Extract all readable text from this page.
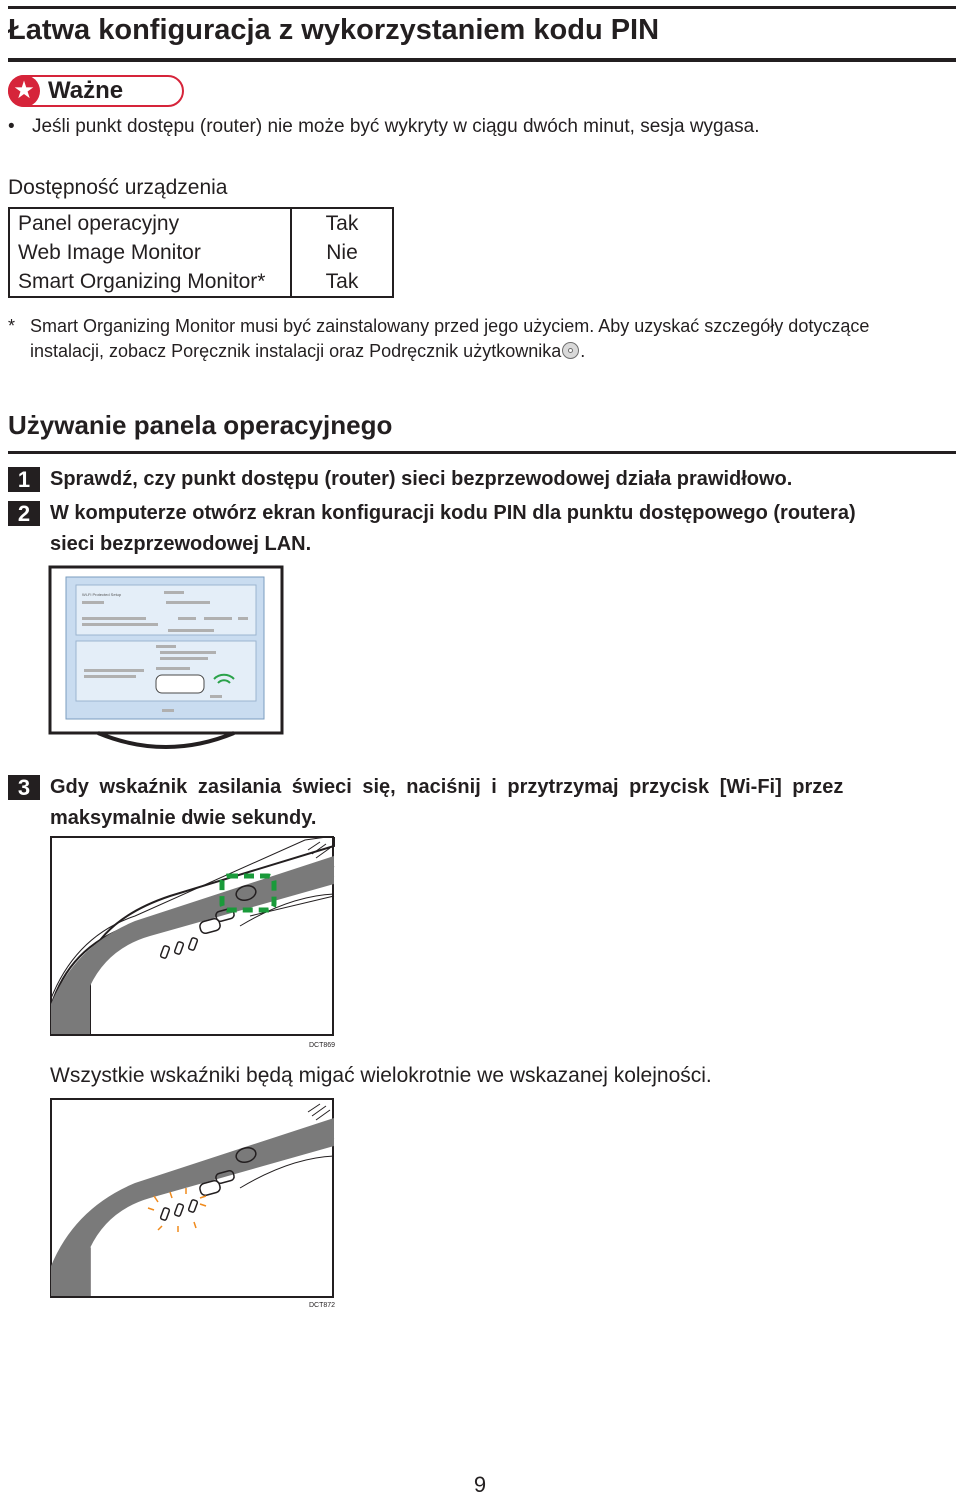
Łatwa konfiguracja z wykorzystaniem kodu PIN
★ Ważne
• Jeśli punkt dostępu (router) nie może być wykryty w ciągu dwóch minut, sesja wygasa.
Dostępność urządzenia
Panel operacyjny	Tak
Web Image Monitor	Nie
Smart Organizing Monitor*	Tak
* Smart Organizing Monitor musi być zainstalowany przed jego użyciem. Aby uzyskać szczegóły dotyczące
instalacji, zobacz Poręcznik instalacji oraz Podręcznik użytkownika .
Używanie panela operacyjnego
1 Sprawdź, czy punkt dostępu (router) sieci bezprzewodowej działa prawidłowo.
2 W komputerze otwórz ekran konfiguracji kodu PIN dla punktu dostępowego (routera)
sieci bezprzewodowej LAN.
Wi-Fi Protected Setup
3 Gdy wskaźnik zasilania świeci się, naciśnij i przytrzymaj przycisk [Wi-Fi] przez
maksymalnie dwie sekundy.
DCT869
Wszystkie wskaźniki będą migać wielokrotnie we wskazanej kolejności.
DCT872
9
